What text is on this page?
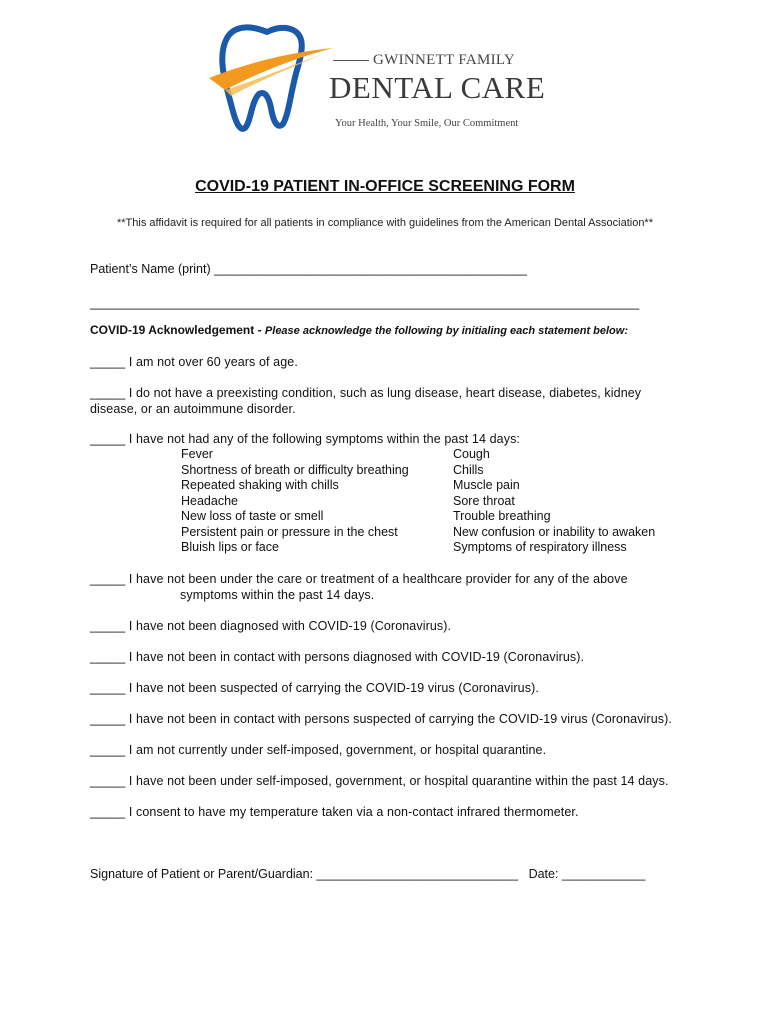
GWINNETT FAMILY
DENTAL CARE
Your Health, Your Smile, Our Commitment
COVID-19 PATIENT IN-OFFICE SCREENING FORM
**This affidavit is required for all patients in compliance with guidelines from the American Dental Association**
Patient’s Name (print) _____________________________________________
_______________________________________________________________________________
COVID-19 Acknowledgement - Please acknowledge the following by initialing each statement below:
_____ I am not over 60 years of age.
_____ I do not have a preexisting condition, such as lung disease, heart disease, diabetes, kidney
disease, or an autoimmune disorder.
_____ I have not had any of the following symptoms within the past 14 days:
Fever
Shortness of breath or difficulty breathing
Repeated shaking with chills
Headache
New loss of taste or smell
Persistent pain or pressure in the chest
Bluish lips or face
Cough
Chills
Muscle pain
Sore throat
Trouble breathing
New confusion or inability to awaken
Symptoms of respiratory illness
_____ I have not been under the care or treatment of a healthcare provider for any of the above
symptoms within the past 14 days.
_____ I have not been diagnosed with COVID-19 (Coronavirus).
_____ I have not been in contact with persons diagnosed with COVID-19 (Coronavirus).
_____ I have not been suspected of carrying the COVID-19 virus (Coronavirus).
_____ I have not been in contact with persons suspected of carrying the COVID-19 virus (Coronavirus).
_____ I am not currently under self-imposed, government, or hospital quarantine.
_____ I have not been under self-imposed, government, or hospital quarantine within the past 14 days.
_____ I consent to have my temperature taken via a non-contact infrared thermometer.
Signature of Patient or Parent/Guardian: _____________________________ Date: ____________
